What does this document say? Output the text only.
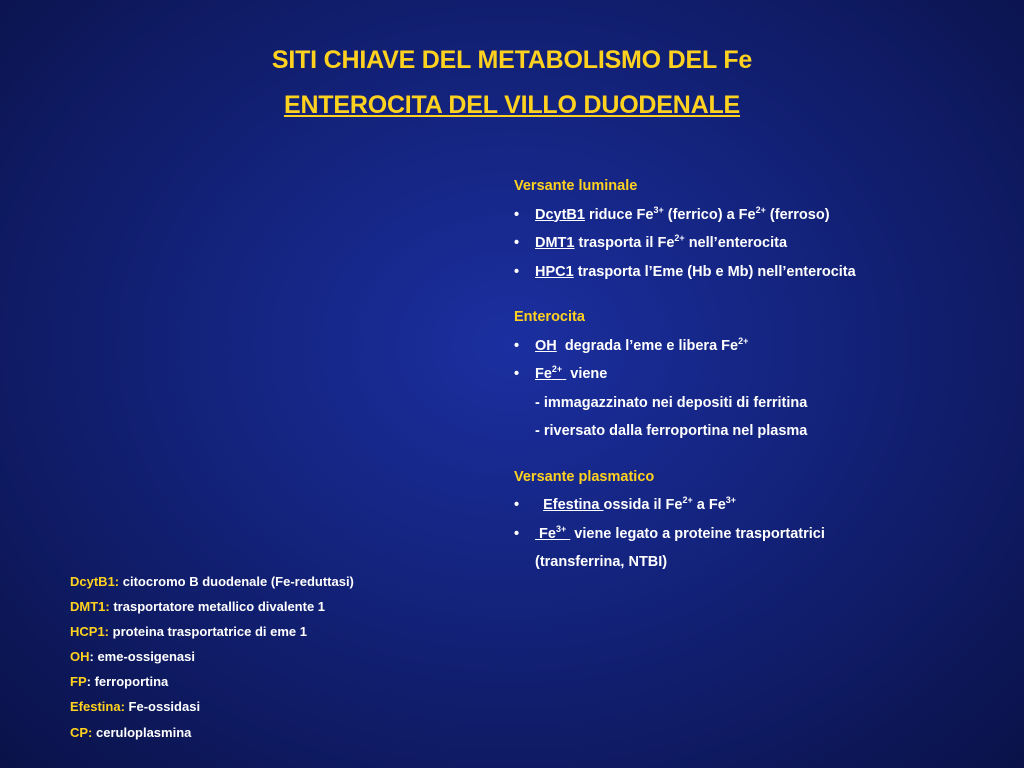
SITI CHIAVE DEL METABOLISMO DEL Fe
ENTEROCITA DEL VILLO DUODENALE
Versante luminale
• DcytB1 riduce $Fe^{3+}$ (ferrico) a $Fe^{2+}$ (ferroso)
• DMT1 trasporta il $Fe^{2+}$ nell’enterocita
• HPC1 trasporta l’Eme (Hb e Mb) nell’enterocita
Enterocita
• OH degrada l’eme e libera $Fe^{2+}$
• $Fe^{2+}$ viene
- immagazzinato nei depositi di ferritina
- riversato dalla ferroportina nel plasma
Versante plasmatico
•	Efestina ossida il $Fe^{2+}$ a $Fe^{3+}$
• $Fe^{3+}$ viene legato a proteine trasportatrici
(transferrina, NTBI)
DcytB1: citocromo B duodenale (Fe-reduttasi)
DMT1: trasportatore metallico divalente 1
HCP1: proteina trasportatrice di eme 1
OH: eme-ossigenasi
FP: ferroportina
Efestina: Fe-ossidasi
CP: ceruloplasmina
